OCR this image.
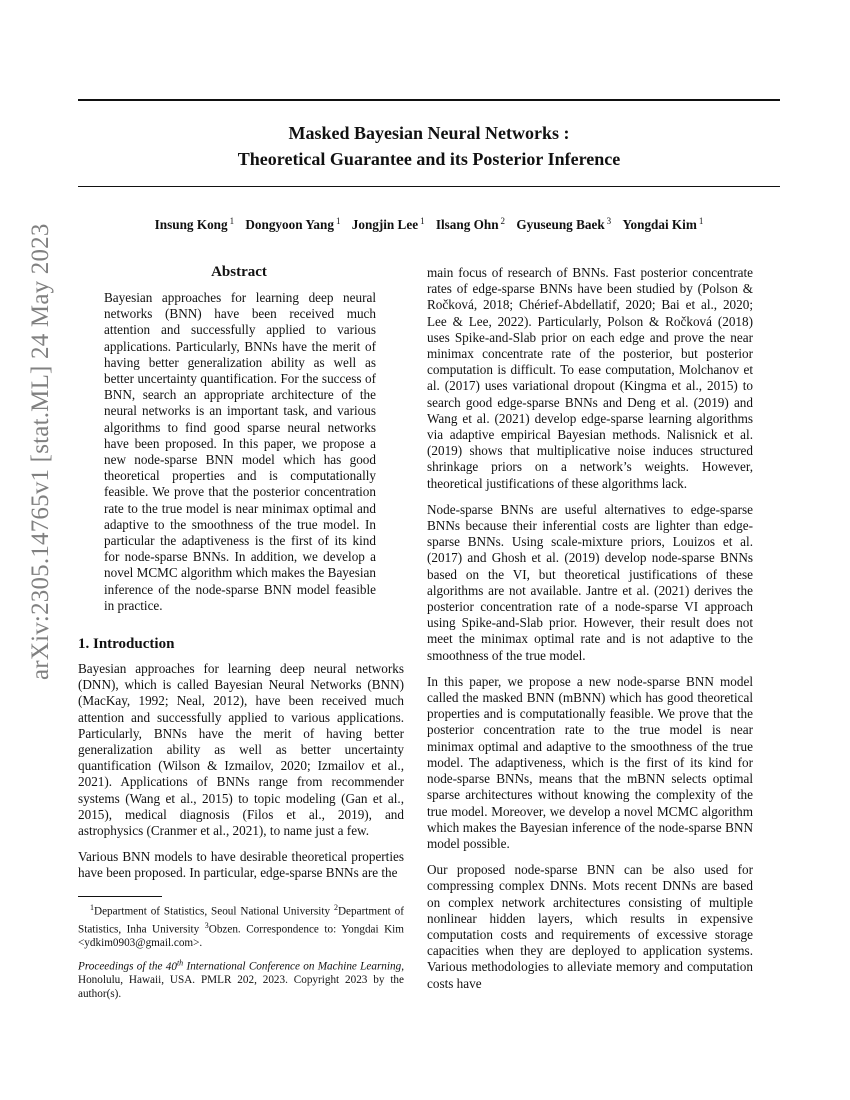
Masked Bayesian Neural Networks :
Theoretical Guarantee and its Posterior Inference
Insung Kong $^1$ Dongyoon Yang $^1$ Jongjin Lee $^1$ Ilsang Ohn $^2$ Gyuseung Baek $^3$ Yongdai Kim $^1$
arXiv:2305.14765v1 [stat.ML] 24 May 2023	Abstract
Bayesian approaches for learning deep neural networks (BNN) have been received much attention and successfully applied to various applications. Particularly, BNNs have the merit of having better generalization ability as well as better uncertainty quantification. For the success of BNN, search an appropriate architecture of the neural networks is an important task, and various algorithms to find good sparse neural networks have been proposed. In this paper, we propose a new node-sparse BNN model which has good theoretical properties and is computationally feasible. We prove that the posterior concentration rate to the true model is near minimax optimal and adaptive to the smoothness of the true model. In particular the adaptiveness is the first of its kind for node-sparse BNNs. In addition, we develop a novel MCMC algorithm which makes the Bayesian inference of the node-sparse BNN model feasible in practice.
1. Introduction

Bayesian approaches for learning deep neural networks (DNN), which is called Bayesian Neural Networks (BNN) (MacKay, 1992; Neal, 2012), have been received much attention and successfully applied to various applications. Particularly, BNNs have the merit of having better generalization ability as well as better uncertainty quantification (Wilson & Izmailov, 2020; Izmailov et al., 2021). Applications of BNNs range from recommender systems (Wang et al., 2015) to topic modeling (Gan et al., 2015), medical diagnosis (Filos et al., 2019), and astrophysics (Cranmer et al., 2021), to name just a few.

Various BNN models to have desirable theoretical properties have been proposed. In particular, edge-sparse BNNs are the

$^1$Department of Statistics, Seoul National University $^2$Department of Statistics, Inha University $^3$Obzen. Correspondence to: Yongdai Kim <ydkim0903@gmail.com>.
Proceedings of the 40th International Conference on Machine Learning, Honolulu, Hawaii, USA. PMLR 202, 2023. Copyright 2023 by the author(s).

main focus of research of BNNs. Fast posterior concentrate rates of edge-sparse BNNs have been studied by (Polson & Ročková, 2018; Chérief-Abdellatif, 2020; Bai et al., 2020; Lee & Lee, 2022). Particularly, Polson & Ročková (2018) uses Spike-and-Slab prior on each edge and prove the near minimax concentrate rate of the posterior, but posterior computation is difficult. To ease computation, Molchanov et al. (2017) uses variational dropout (Kingma et al., 2015) to search good edge-sparse BNNs and Deng et al. (2019) and Wang et al. (2021) develop edge-sparse learning algorithms via adaptive empirical Bayesian methods. Nalisnick et al. (2019) shows that multiplicative noise induces structured shrinkage priors on a network’s weights. However, theoretical justifications of these algorithms lack.

Node-sparse BNNs are useful alternatives to edge-sparse BNNs because their inferential costs are lighter than edge-sparse BNNs. Using scale-mixture priors, Louizos et al. (2017) and Ghosh et al. (2019) develop node-sparse BNNs based on the VI, but theoretical justifications of these algorithms are not available. Jantre et al. (2021) derives the posterior concentration rate of a node-sparse VI approach using Spike-and-Slab prior. However, their result does not meet the minimax optimal rate and is not adaptive to the smoothness of the true model.

In this paper, we propose a new node-sparse BNN model called the masked BNN (mBNN) which has good theoretical properties and is computationally feasible. We prove that the posterior concentration rate to the true model is near minimax optimal and adaptive to the smoothness of the true model. The adaptiveness, which is the first of its kind for node-sparse BNNs, means that the mBNN selects optimal sparse architectures without knowing the complexity of the true model. Moreover, we develop a novel MCMC algorithm which makes the Bayesian inference of the node-sparse BNN model possible.

Our proposed node-sparse BNN can be also used for compressing complex DNNs. Mots recent DNNs are based on complex network architectures consisting of multiple nonlinear hidden layers, which results in expensive computation costs and requirements of excessive storage capacities when they are deployed to application systems. Various methodologies to alleviate memory and computation costs have
